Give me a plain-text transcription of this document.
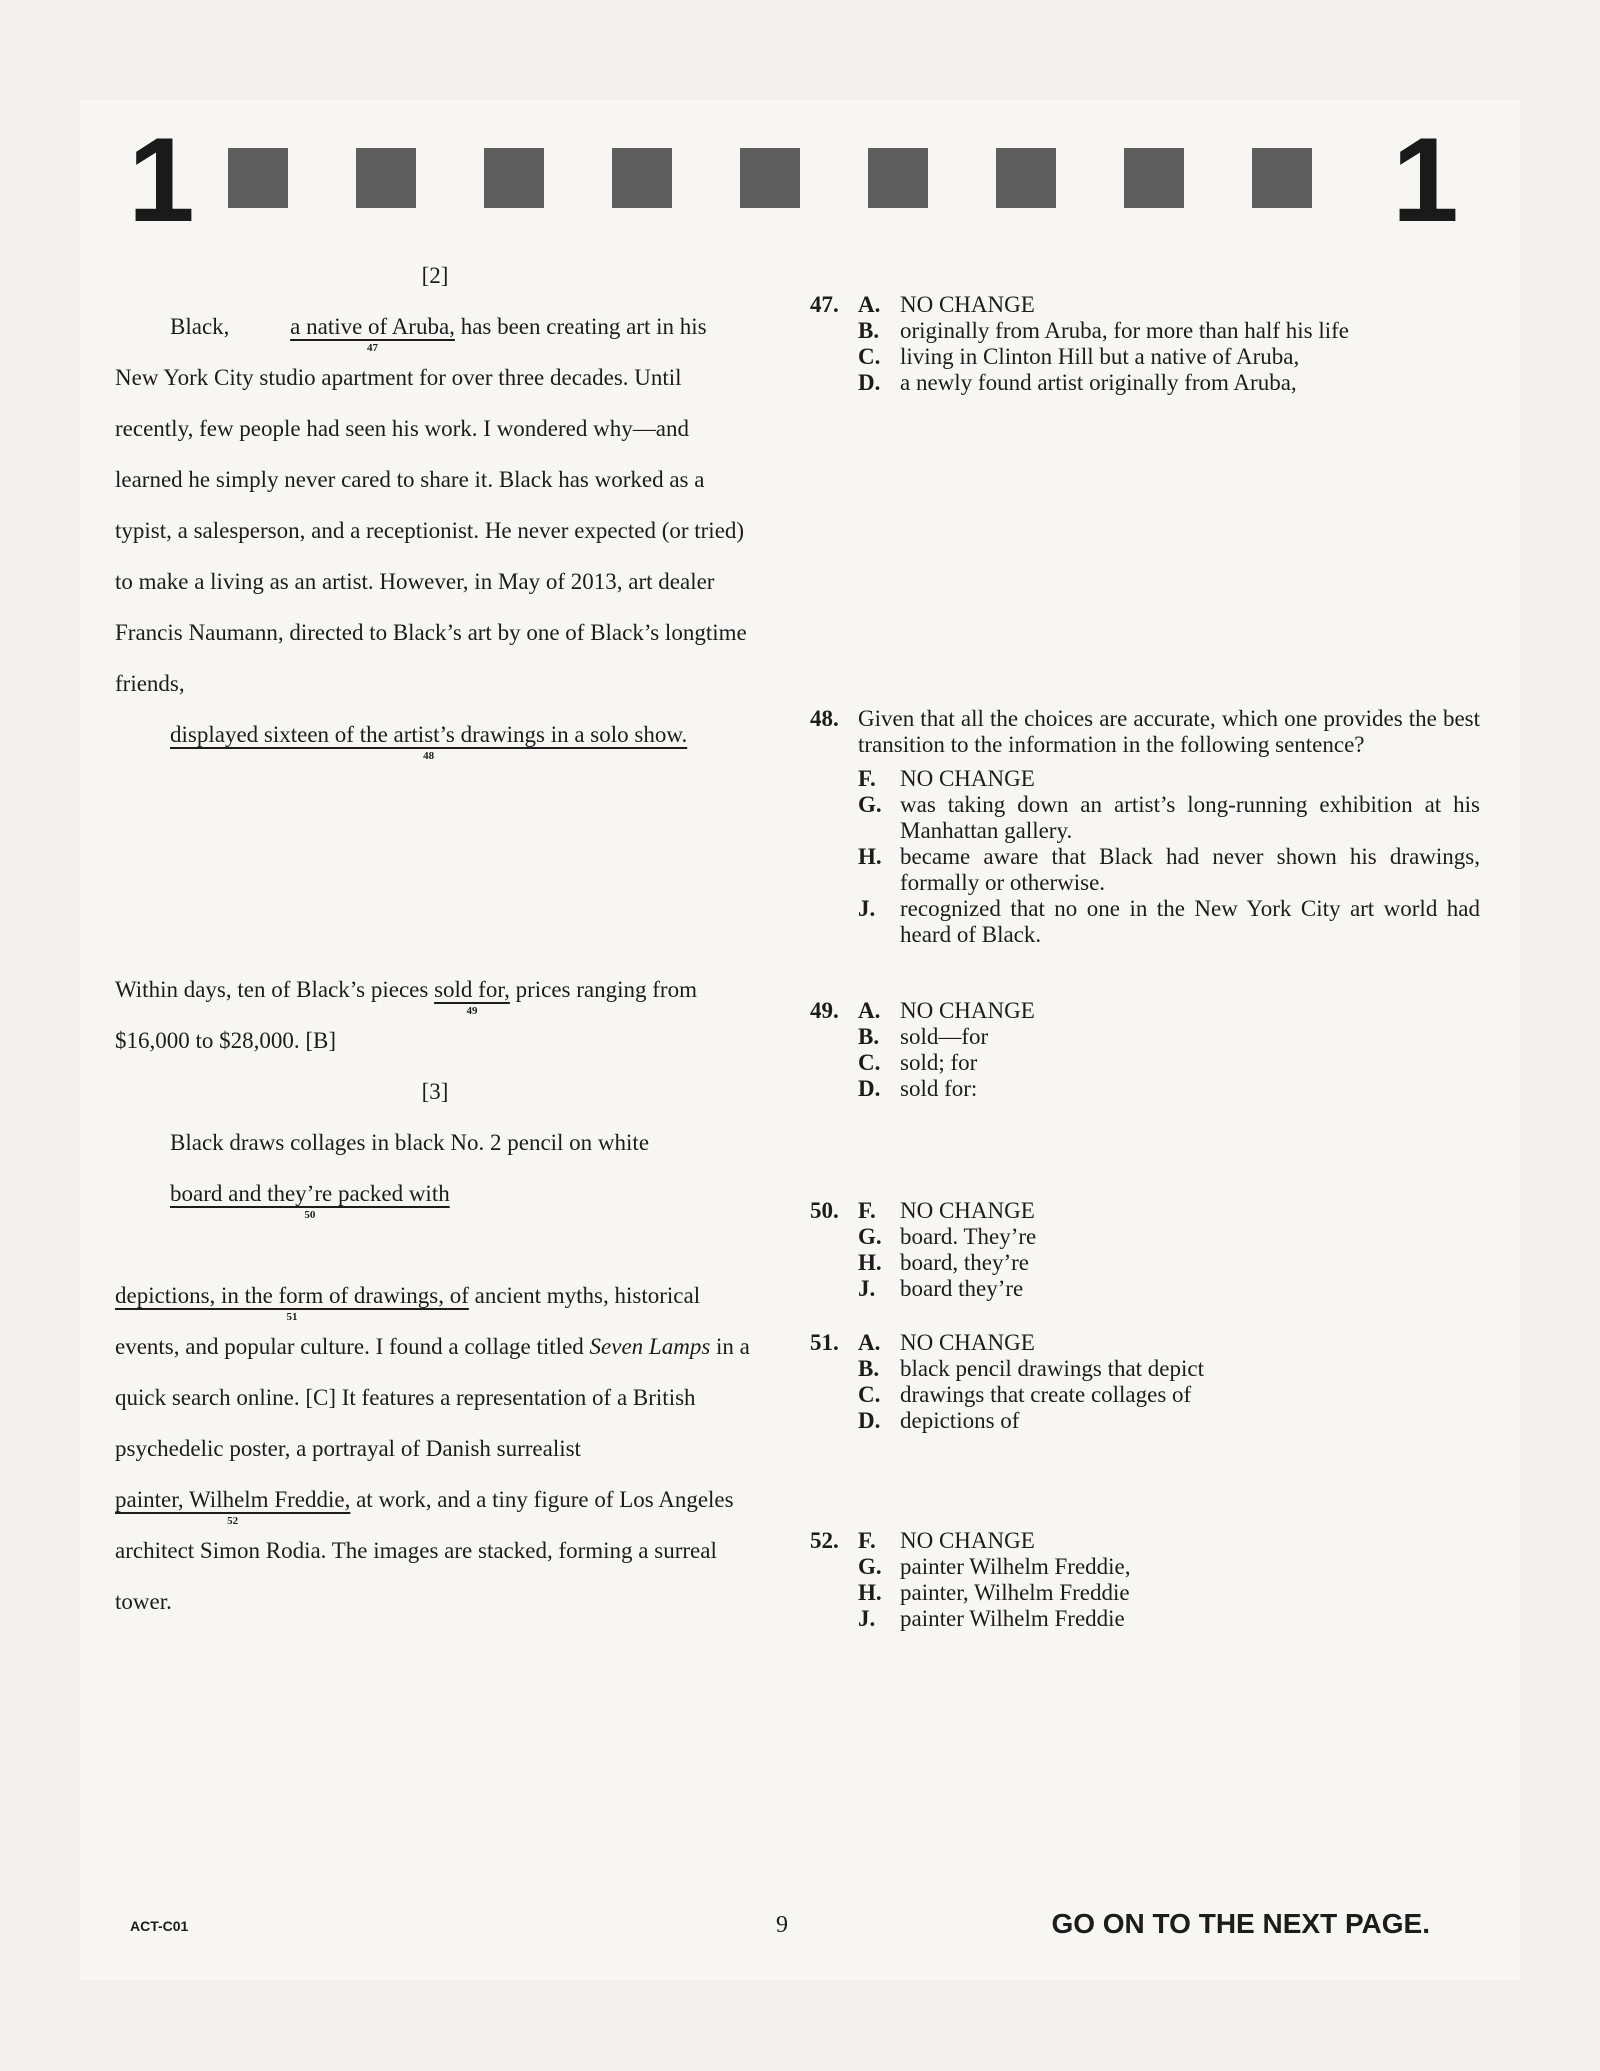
1	1

[2]

Black, a native of Aruba,
47
has been creating art in his New York City studio apartment for over three decades. Until recently, few people had seen his work. I wondered why—and learned he simply never cared to share it. Black has worked as a typist, a salesperson, and a receptionist. He never expected (or tried) to make a living as an artist. However, in May of 2013, art dealer Francis Naumann, directed to Black’s art by one of Black’s longtime friends, displayed sixteen of the artist’s drawings in a solo show.
48

Within days, ten of Black’s pieces sold for,
49
prices ranging from $16,000 to $28,000. [B]

[3]

Black draws collages in black No. 2 pencil on white board and they’re packed with
50

depictions, in the form of drawings, of
51
ancient myths, historical events, and popular culture. I found a collage titled Seven Lamps in a quick search online. [C] It features a representation of a British psychedelic poster, a portrayal of Danish surrealist painter, Wilhelm Freddie,
52
at work, and a tiny figure of Los Angeles architect Simon Rodia. The images are stacked, forming a surreal tower.

47. A. NO CHANGE
B. originally from Aruba, for more than half his life
C. living in Clinton Hill but a native of Aruba,
D. a newly found artist originally from Aruba,
48. Given that all the choices are accurate, which one provides the best transition to the information in the following sentence?
F.	NO CHANGE
G. was taking down an artist’s long-running exhibition at his Manhattan gallery.
H. became aware that Black had never shown his drawings, formally or otherwise.
J.	recognized that no one in the New York City art world had heard of Black.
49. A. NO CHANGE
B. sold—for
C. sold; for
D. sold for:
50. F.	NO CHANGE
G. board. They’re
H. board, they’re
J.	board they’re
51. A. NO CHANGE
B. black pencil drawings that depict
C. drawings that create collages of
D. depictions of
52. F.	NO CHANGE
G. painter Wilhelm Freddie,
H. painter, Wilhelm Freddie
J.	painter Wilhelm Freddie
ACT-C01	9	GO ON TO THE NEXT PAGE.
